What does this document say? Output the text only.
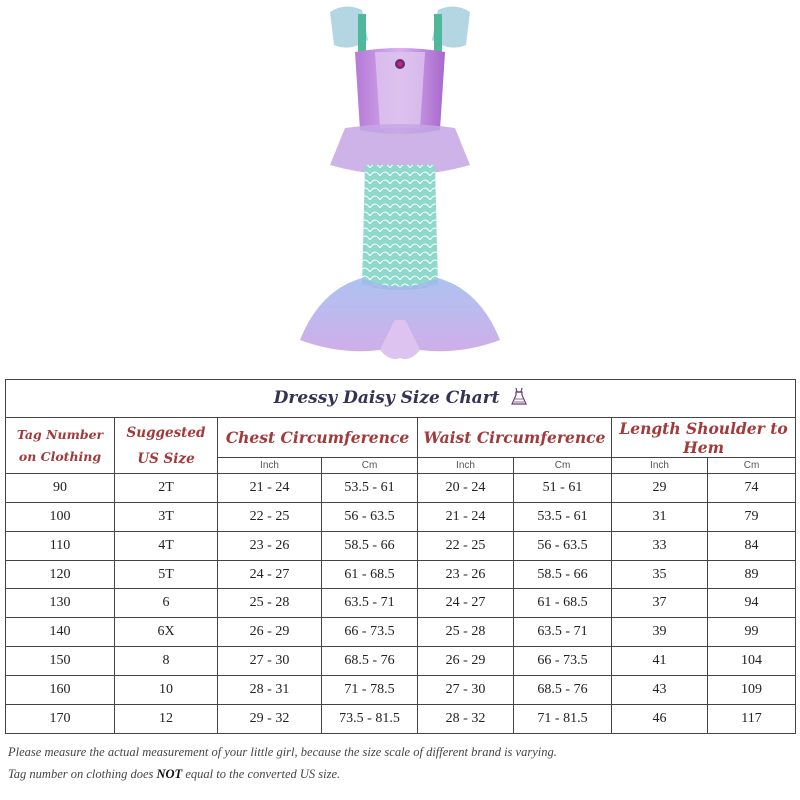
Dressy Daisy Size Chart							
Tag Number on Clothing	Suggested US Size	Chest Circumference		Waist Circumference		Length Shoulder to Hem	
		Inch	Cm	Inch	Cm	Inch	Cm
90	2T	21 - 24	53.5 - 61	20 - 24	51 - 61	29	74
100	3T	22 - 25	56 - 63.5	21 - 24	53.5 - 61	31	79
110	4T	23 - 26	58.5 - 66	22 - 25	56 - 63.5	33	84
120	5T	24 - 27	61 - 68.5	23 - 26	58.5 - 66	35	89
130	6	25 - 28	63.5 - 71	24 - 27	61 - 68.5	37	94
140	6X	26 - 29	66 - 73.5	25 - 28	63.5 - 71	39	99
150	8	27 - 30	68.5 - 76	26 - 29	66 - 73.5	41	104
160	10	28 - 31	71 - 78.5	27 - 30	68.5 - 76	43	109
170	12	29 - 32	73.5 - 81.5	28 - 32	71 - 81.5	46	117
Please measure the actual measurement of your little girl, because the size scale of different brand is varying.
Tag number on clothing does NOT equal to the converted US size.
